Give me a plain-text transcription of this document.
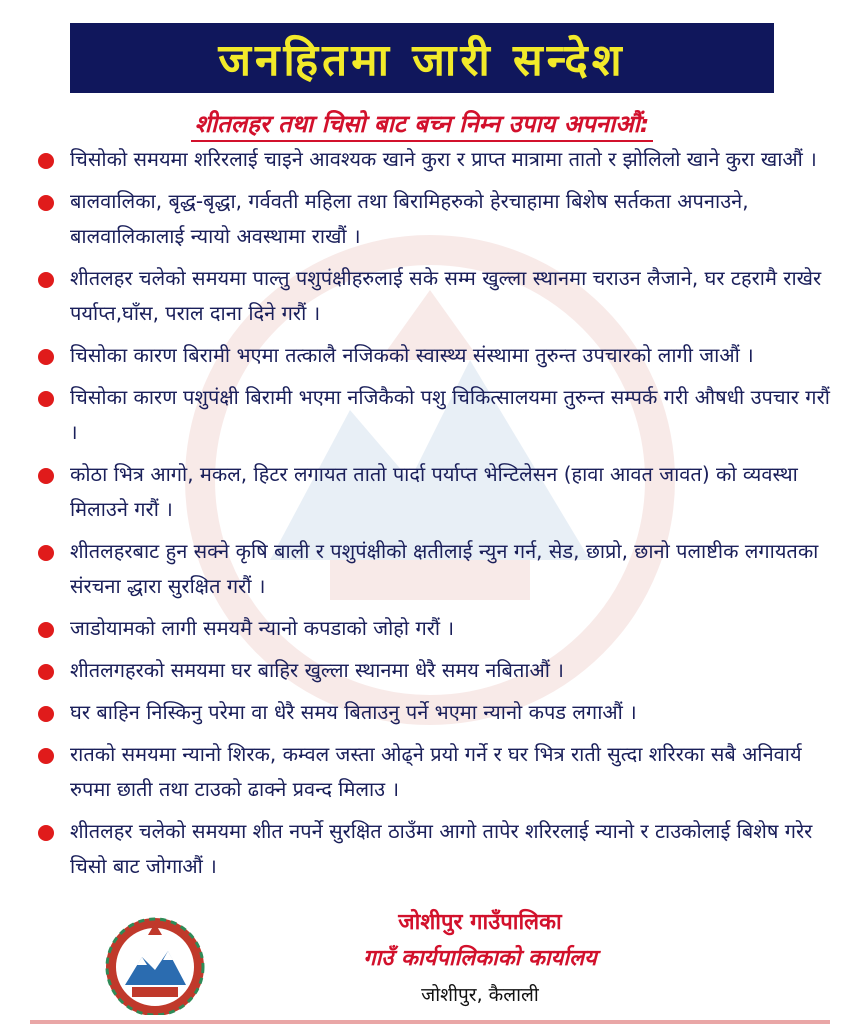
जनहितमा जारी सन्देश
शीतलहर तथा चिसो बाट बच्न निम्न उपाय अपनाऔं:
चिसोको समयमा शरिरलाई चाइने आवश्यक खाने कुरा र प्राप्त मात्रामा तातो र झोलिलो खाने कुरा खाऔं ।
बालवालिका, बृद्ध-बृद्धा, गर्ववती महिला तथा बिरामिहरुको हेरचाहामा बिशेष सर्तकता अपनाउने, बालवालिकालाई न्यायो अवस्थामा राखौं ।
शीतलहर चलेको समयमा पाल्तु पशुपंक्षीहरुलाई सके सम्म खुल्ला स्थानमा चराउन लैजाने, घर टहरामै राखेर पर्याप्त,घाँस, पराल दाना दिने गरौं ।
चिसोका कारण बिरामी भएमा तत्कालै नजिकको स्वास्थ्य संस्थामा तुरुन्त उपचारको लागी जाऔं ।
चिसोका कारण पशुपंक्षी बिरामी भएमा नजिकैको पशु चिकित्सालयमा तुरुन्त सम्पर्क गरी औषधी उपचार गरौं ।
कोठा भित्र आगो, मकल, हिटर लगायत तातो पार्दा पर्याप्त भेन्टिलेसन (हावा आवत जावत) को व्यवस्था मिलाउने गरौं ।
शीतलहरबाट हुन सक्ने कृषि बाली र पशुपंक्षीको क्षतीलाई न्युन गर्न, सेड, छाप्रो, छानो पलाष्टीक लगायतका संरचना द्धारा सुरक्षित गरौं ।
जाडोयामको लागी समयमै न्यानो कपडाको जोहो गरौं ।
शीतलगहरको समयमा घर बाहिर खुल्ला स्थानमा धेरै समय नबिताऔं ।
घर बाहिन निस्किनु परेमा वा धेरै समय बिताउनु पर्ने भएमा न्यानो कपड लगाऔं ।
रातको समयमा न्यानो शिरक, कम्वल जस्ता ओढ्ने प्रयो गर्ने र घर भित्र राती सुत्दा शरिरका सबै अनिवार्य रुपमा छाती तथा टाउको ढाक्ने प्रवन्द मिलाउ ।
शीतलहर चलेको समयमा शीत नपर्ने सुरक्षित ठाउँमा आगो तापेर शरिरलाई न्यानो र टाउकोलाई बिशेष गरेर चिसो बाट जोगाऔं ।
जोशीपुर गाउँपालिका
गाउँ कार्यपालिकाको कार्यालय
जोशीपुर, कैलाली
